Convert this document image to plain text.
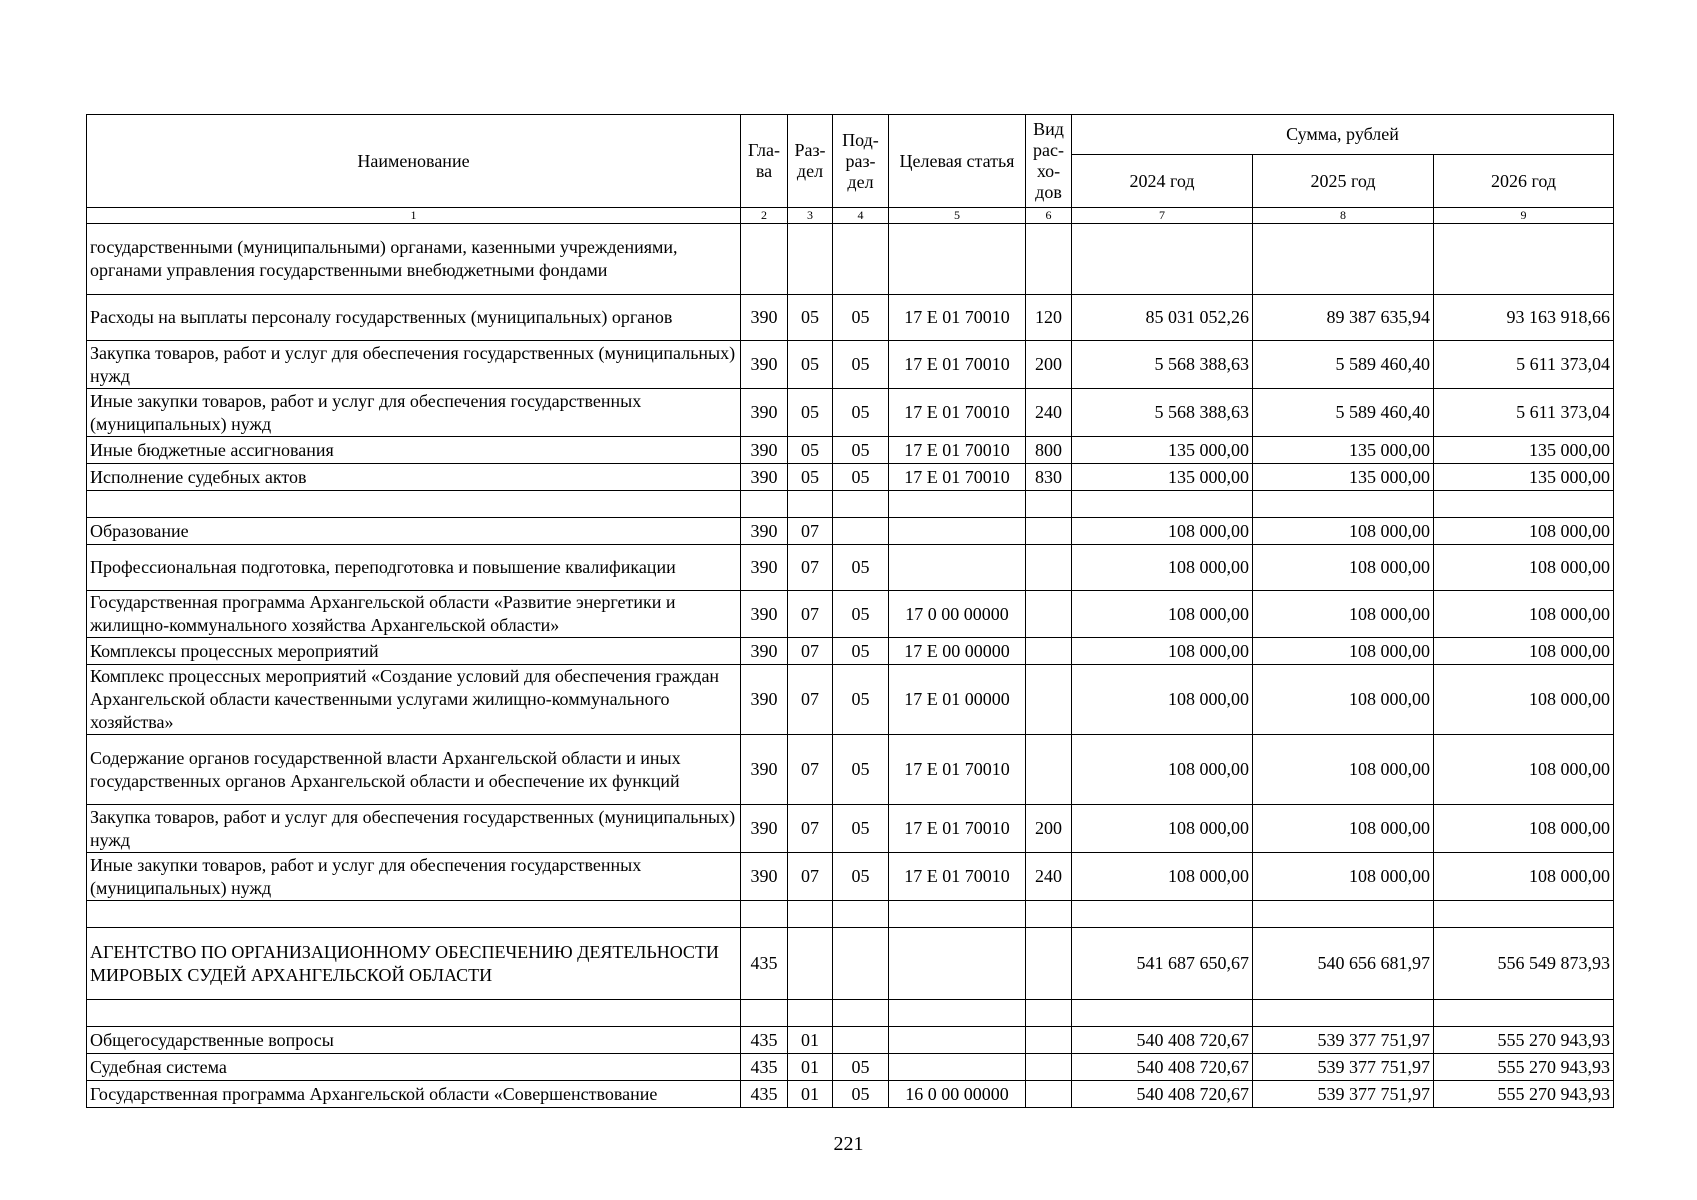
Наименование	Гла-ва	Раз-дел	Под-раз-дел	Целевая статья	Вид рас-хо-дов	Сумма, рублей		
						2024 год	2025 год	2026 год
1	2	3	4	5	6	7	8	9
государственными (муниципальными) органами, казенными учреждениями, органами управления государственными внебюджетными фондами								
Расходы на выплаты персоналу государственных (муниципальных) органов	390	05	05	17 Е 01 70010	120	85 031 052,26	89 387 635,94	93 163 918,66
Закупка товаров, работ и услуг для обеспечения государственных (муниципальных) нужд	390	05	05	17 Е 01 70010	200	5 568 388,63	5 589 460,40	5 611 373,04
Иные закупки товаров, работ и услуг для обеспечения государственных (муниципальных) нужд	390	05	05	17 Е 01 70010	240	5 568 388,63	5 589 460,40	5 611 373,04
Иные бюджетные ассигнования	390	05	05	17 Е 01 70010	800	135 000,00	135 000,00	135 000,00
Исполнение судебных актов	390	05	05	17 Е 01 70010	830	135 000,00	135 000,00	135 000,00

Образование	390	07				108 000,00	108 000,00	108 000,00
Профессиональная подготовка, переподготовка и повышение квалификации	390	07	05			108 000,00	108 000,00	108 000,00
Государственная программа Архангельской области «Развитие энергетики и жилищно-коммунального хозяйства Архангельской области»	390	07	05	17 0 00 00000		108 000,00	108 000,00	108 000,00
Комплексы процессных мероприятий	390	07	05	17 Е 00 00000		108 000,00	108 000,00	108 000,00
Комплекс процессных мероприятий «Создание условий для обеспечения граждан Архангельской области качественными услугами жилищно-коммунального хозяйства»	390	07	05	17 Е 01 00000		108 000,00	108 000,00	108 000,00
Содержание органов государственной власти Архангельской области и иных государственных органов Архангельской области и обеспечение их функций	390	07	05	17 Е 01 70010		108 000,00	108 000,00	108 000,00
Закупка товаров, работ и услуг для обеспечения государственных (муниципальных) нужд	390	07	05	17 Е 01 70010	200	108 000,00	108 000,00	108 000,00
Иные закупки товаров, работ и услуг для обеспечения государственных (муниципальных) нужд	390	07	05	17 Е 01 70010	240	108 000,00	108 000,00	108 000,00

АГЕНТСТВО ПО ОРГАНИЗАЦИОННОМУ ОБЕСПЕЧЕНИЮ ДЕЯТЕЛЬНОСТИ МИРОВЫХ СУДЕЙ АРХАНГЕЛЬСКОЙ ОБЛАСТИ	435					541 687 650,67	540 656 681,97	556 549 873,93

Общегосударственные вопросы	435	01				540 408 720,67	539 377 751,97	555 270 943,93
Судебная система	435	01	05			540 408 720,67	539 377 751,97	555 270 943,93
Государственная программа Архангельской области «Совершенствование	435	01	05	16 0 00 00000		540 408 720,67	539 377 751,97	555 270 943,93
221
